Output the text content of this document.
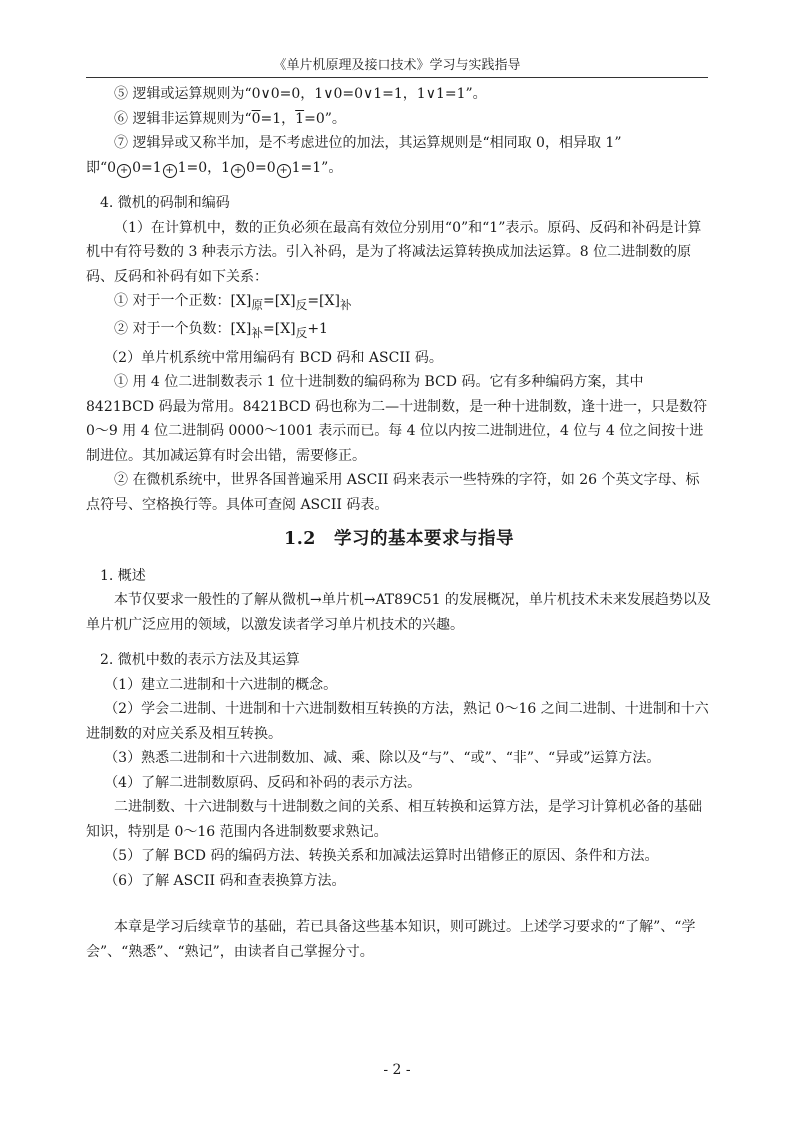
《单片机原理及接口技术》学习与实践指导

⑤ 逻辑或运算规则为“0∨0=0，1∨0=0∨1=1，1∨1=1”。

⑥ 逻辑非运算规则为“0=1，1=0”。

⑦ 逻辑异或又称半加，是不考虑进位的加法，其运算规则是“相同取 0，相异取 1”

即“0 + 0=1 + 1=0，1 + 0=0 + 1=1”。

4. 微机的码制和编码

（1）在计算机中，数的正负必须在最高有效位分别用“0”和“1”表示。原码、反码和补码是计算机中有符号数的 3 种表示方法。引入补码，是为了将减法运算转换成加法运算。8 位二进制数的原码、反码和补码有如下关系：

① 对于一个正数：$[X]_原=[X]_反=[X]_补$

② 对于一个负数：$[X]_补=[X]_反+1$

（2）单片机系统中常用编码有 BCD 码和 ASCII 码。

① 用 4 位二进制数表示 1 位十进制数的编码称为 BCD 码。它有多种编码方案，其中 8421BCD 码最为常用。8421BCD 码也称为二—十进制数，是一种十进制数，逢十进一，只是数符 0～9 用 4 位二进制码 0000～1001 表示而已。每 4 位以内按二进制进位，4 位与 4 位之间按十进制进位。其加减运算有时会出错，需要修正。

② 在微机系统中，世界各国普遍采用 ASCII 码来表示一些特殊的字符，如 26 个英文字母、标点符号、空格换行等。具体可查阅 ASCII 码表。

1.2　学习的基本要求与指导

1. 概述

本节仅要求一般性的了解从微机→单片机→AT89C51 的发展概况，单片机技术未来发展趋势以及单片机广泛应用的领域，以激发读者学习单片机技术的兴趣。

2. 微机中数的表示方法及其运算

（1）建立二进制和十六进制的概念。

（2）学会二进制、十进制和十六进制数相互转换的方法，熟记 0～16 之间二进制、十进制和十六进制数的对应关系及相互转换。

（3）熟悉二进制和十六进制数加、减、乘、除以及“与”、“或”、“非”、“异或”运算方法。

（4）了解二进制数原码、反码和补码的表示方法。

二进制数、十六进制数与十进制数之间的关系、相互转换和运算方法，是学习计算机必备的基础知识，特别是 0～16 范围内各进制数要求熟记。

（5）了解 BCD 码的编码方法、转换关系和加减法运算时出错修正的原因、条件和方法。

（6）了解 ASCII 码和查表换算方法。

本章是学习后续章节的基础，若已具备这些基本知识，则可跳过。上述学习要求的“了解”、“学会”、“熟悉”、“熟记”，由读者自己掌握分寸。

- 2 -
